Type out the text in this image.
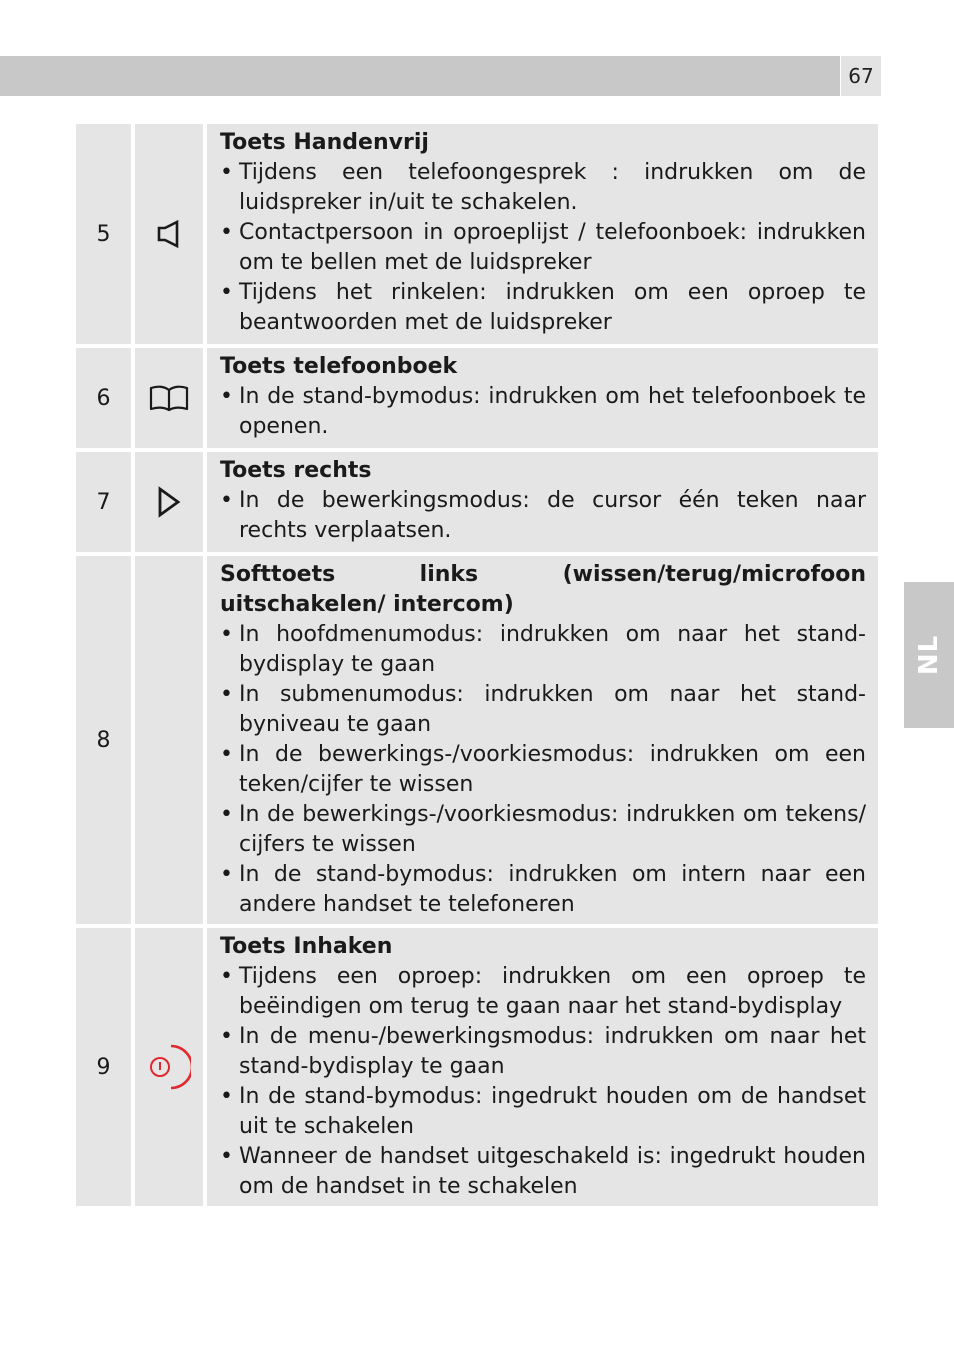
67
NL
5
Toets Handenvrij
• Tijdens een telefoongesprek : indrukken om de luidspreker in/uit te schakelen.
• Contactpersoon in oproeplijst / telefoonboek: indrukken om te bellen met de luidspreker
• Tijdens het rinkelen: indrukken om een oproep te beantwoorden met de luidspreker
6
Toets telefoonboek
• In de stand-bymodus: indrukken om het telefoonboek te openen.
7
Toets rechts
• In de bewerkingsmodus: de cursor één teken naar rechts verplaatsen.
8
Softtoets links (wissen/terug/microfoon uitschakelen/ intercom)
• In hoofdmenumodus: indrukken om naar het stand-bydisplay te gaan
• In submenumodus: indrukken om naar het stand-byniveau te gaan
• In de bewerkings-/voorkiesmodus: indrukken om een teken/cijfer te wissen
• In de bewerkings-/voorkiesmodus: indrukken om tekens/ cijfers te wissen
• In de stand-bymodus: indrukken om intern naar een andere handset te telefoneren
9
Toets Inhaken
• Tijdens een oproep: indrukken om een oproep te beëindigen om terug te gaan naar het stand-bydisplay
• In de menu-/bewerkingsmodus: indrukken om naar het stand-bydisplay te gaan
• In de stand-bymodus: ingedrukt houden om de handset uit te schakelen
• Wanneer de handset uitgeschakeld is: ingedrukt houden om de handset in te schakelen
